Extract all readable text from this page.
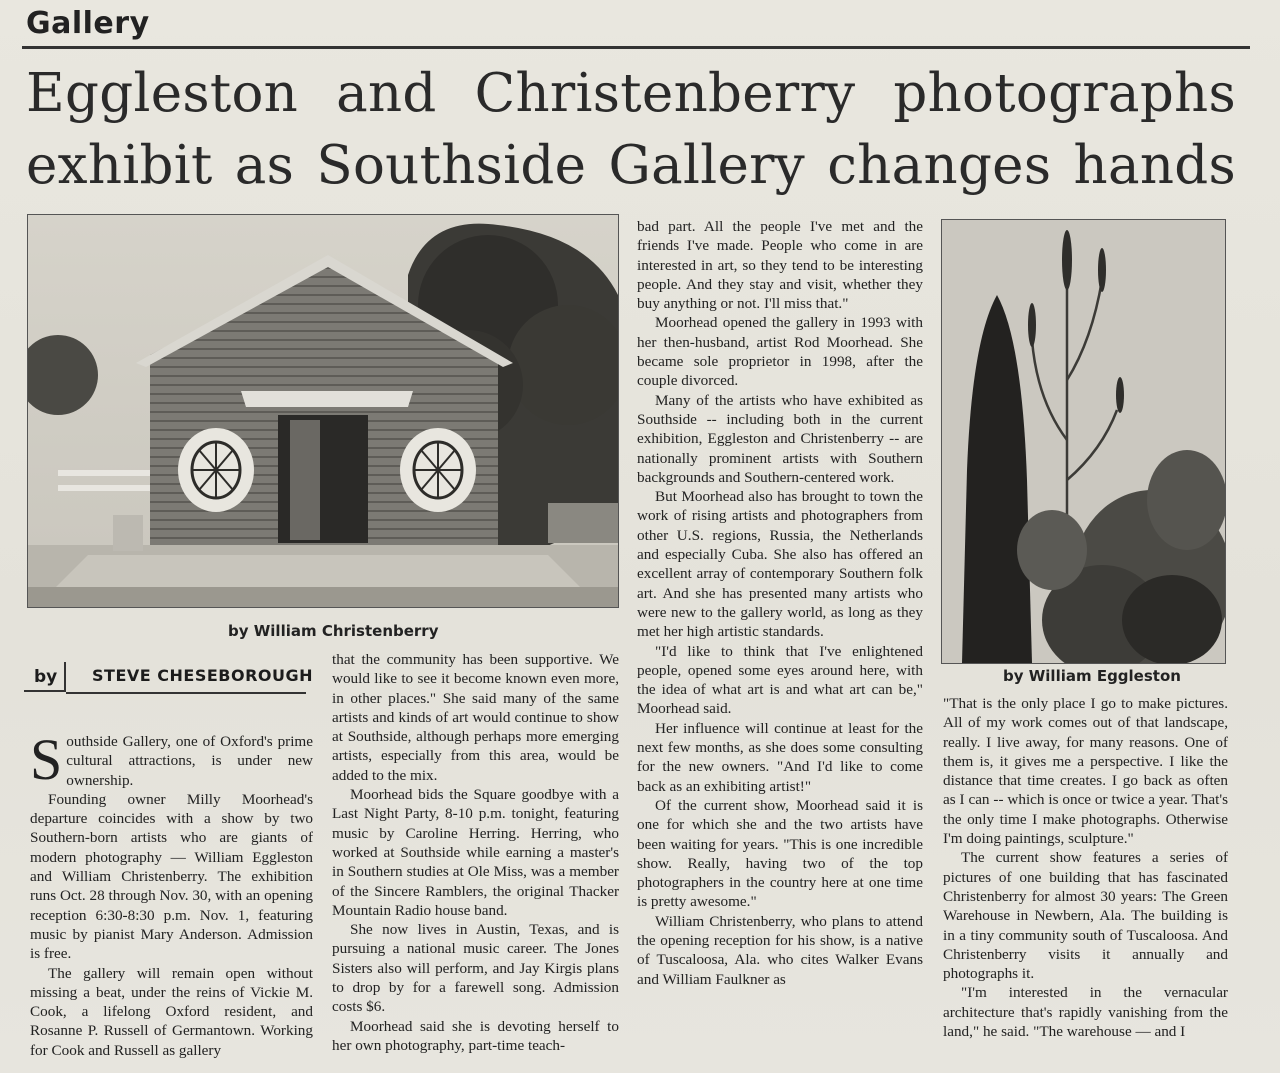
Gallery
Eggleston and Christenberry photographs exhibit as Southside Gallery changes hands
by William Christenberry
by William Eggleston
by	STEVE CHESEBOROUGH

Southside Gallery, one of Oxford's prime cultural attractions, is under new ownership.

Founding owner Milly Moorhead's departure coincides with a show by two Southern-born artists who are giants of modern photography — William Eggleston and William Christenberry. The exhibition runs Oct. 28 through Nov. 30, with an opening reception 6:30-8:30 p.m. Nov. 1, featuring music by pianist Mary Anderson. Admission is free.

The gallery will remain open without missing a beat, under the reins of Vickie M. Cook, a lifelong Oxford resident, and Rosanne P. Russell of Germantown. Working for Cook and Russell as gallery

that the community has been supportive. We would like to see it become known even more, in other places." She said many of the same artists and kinds of art would continue to show at Southside, although perhaps more emerging artists, especially from this area, would be added to the mix.

Moorhead bids the Square goodbye with a Last Night Party, 8-10 p.m. tonight, featuring music by Caroline Herring. Herring, who worked at Southside while earning a master's in Southern studies at Ole Miss, was a member of the Sincere Ramblers, the original Thacker Mountain Radio house band.

She now lives in Austin, Texas, and is pursuing a national music career. The Jones Sisters also will perform, and Jay Kirgis plans to drop by for a farewell song. Admission costs $6.

Moorhead said she is devoting herself to her own photography, part-time teach-

bad part. All the people I've met and the friends I've made. People who come in are interested in art, so they tend to be interesting people. And they stay and visit, whether they buy anything or not. I'll miss that."

Moorhead opened the gallery in 1993 with her then-husband, artist Rod Moorhead. She became sole proprietor in 1998, after the couple divorced.

Many of the artists who have exhibited as Southside -- including both in the current exhibition, Eggleston and Christenberry -- are nationally prominent artists with Southern backgrounds and Southern-centered work.

But Moorhead also has brought to town the work of rising artists and photographers from other U.S. regions, Russia, the Netherlands and especially Cuba. She also has offered an excellent array of contemporary Southern folk art. And she has presented many artists who were new to the gallery world, as long as they met her high artistic standards.

"I'd like to think that I've enlightened people, opened some eyes around here, with the idea of what art is and what art can be," Moorhead said.

Her influence will continue at least for the next few months, as she does some consulting for the new owners. "And I'd like to come back as an exhibiting artist!"

Of the current show, Moorhead said it is one for which she and the two artists have been waiting for years. "This is one incredible show. Really, having two of the top photographers in the country here at one time is pretty awesome."

William Christenberry, who plans to attend the opening reception for his show, is a native of Tuscaloosa, Ala. who cites Walker Evans and William Faulkner as

"That is the only place I go to make pictures. All of my work comes out of that landscape, really. I live away, for many reasons. One of them is, it gives me a perspective. I like the distance that time creates. I go back as often as I can -- which is once or twice a year. That's the only time I make photographs. Otherwise I'm doing paintings, sculpture."

The current show features a series of pictures of one building that has fascinated Christenberry for almost 30 years: The Green Warehouse in Newbern, Ala. The building is in a tiny community south of Tuscaloosa. And Christenberry visits it annually and photographs it.

"I'm interested in the vernacular architecture that's rapidly vanishing from the land," he said. "The warehouse — and I
